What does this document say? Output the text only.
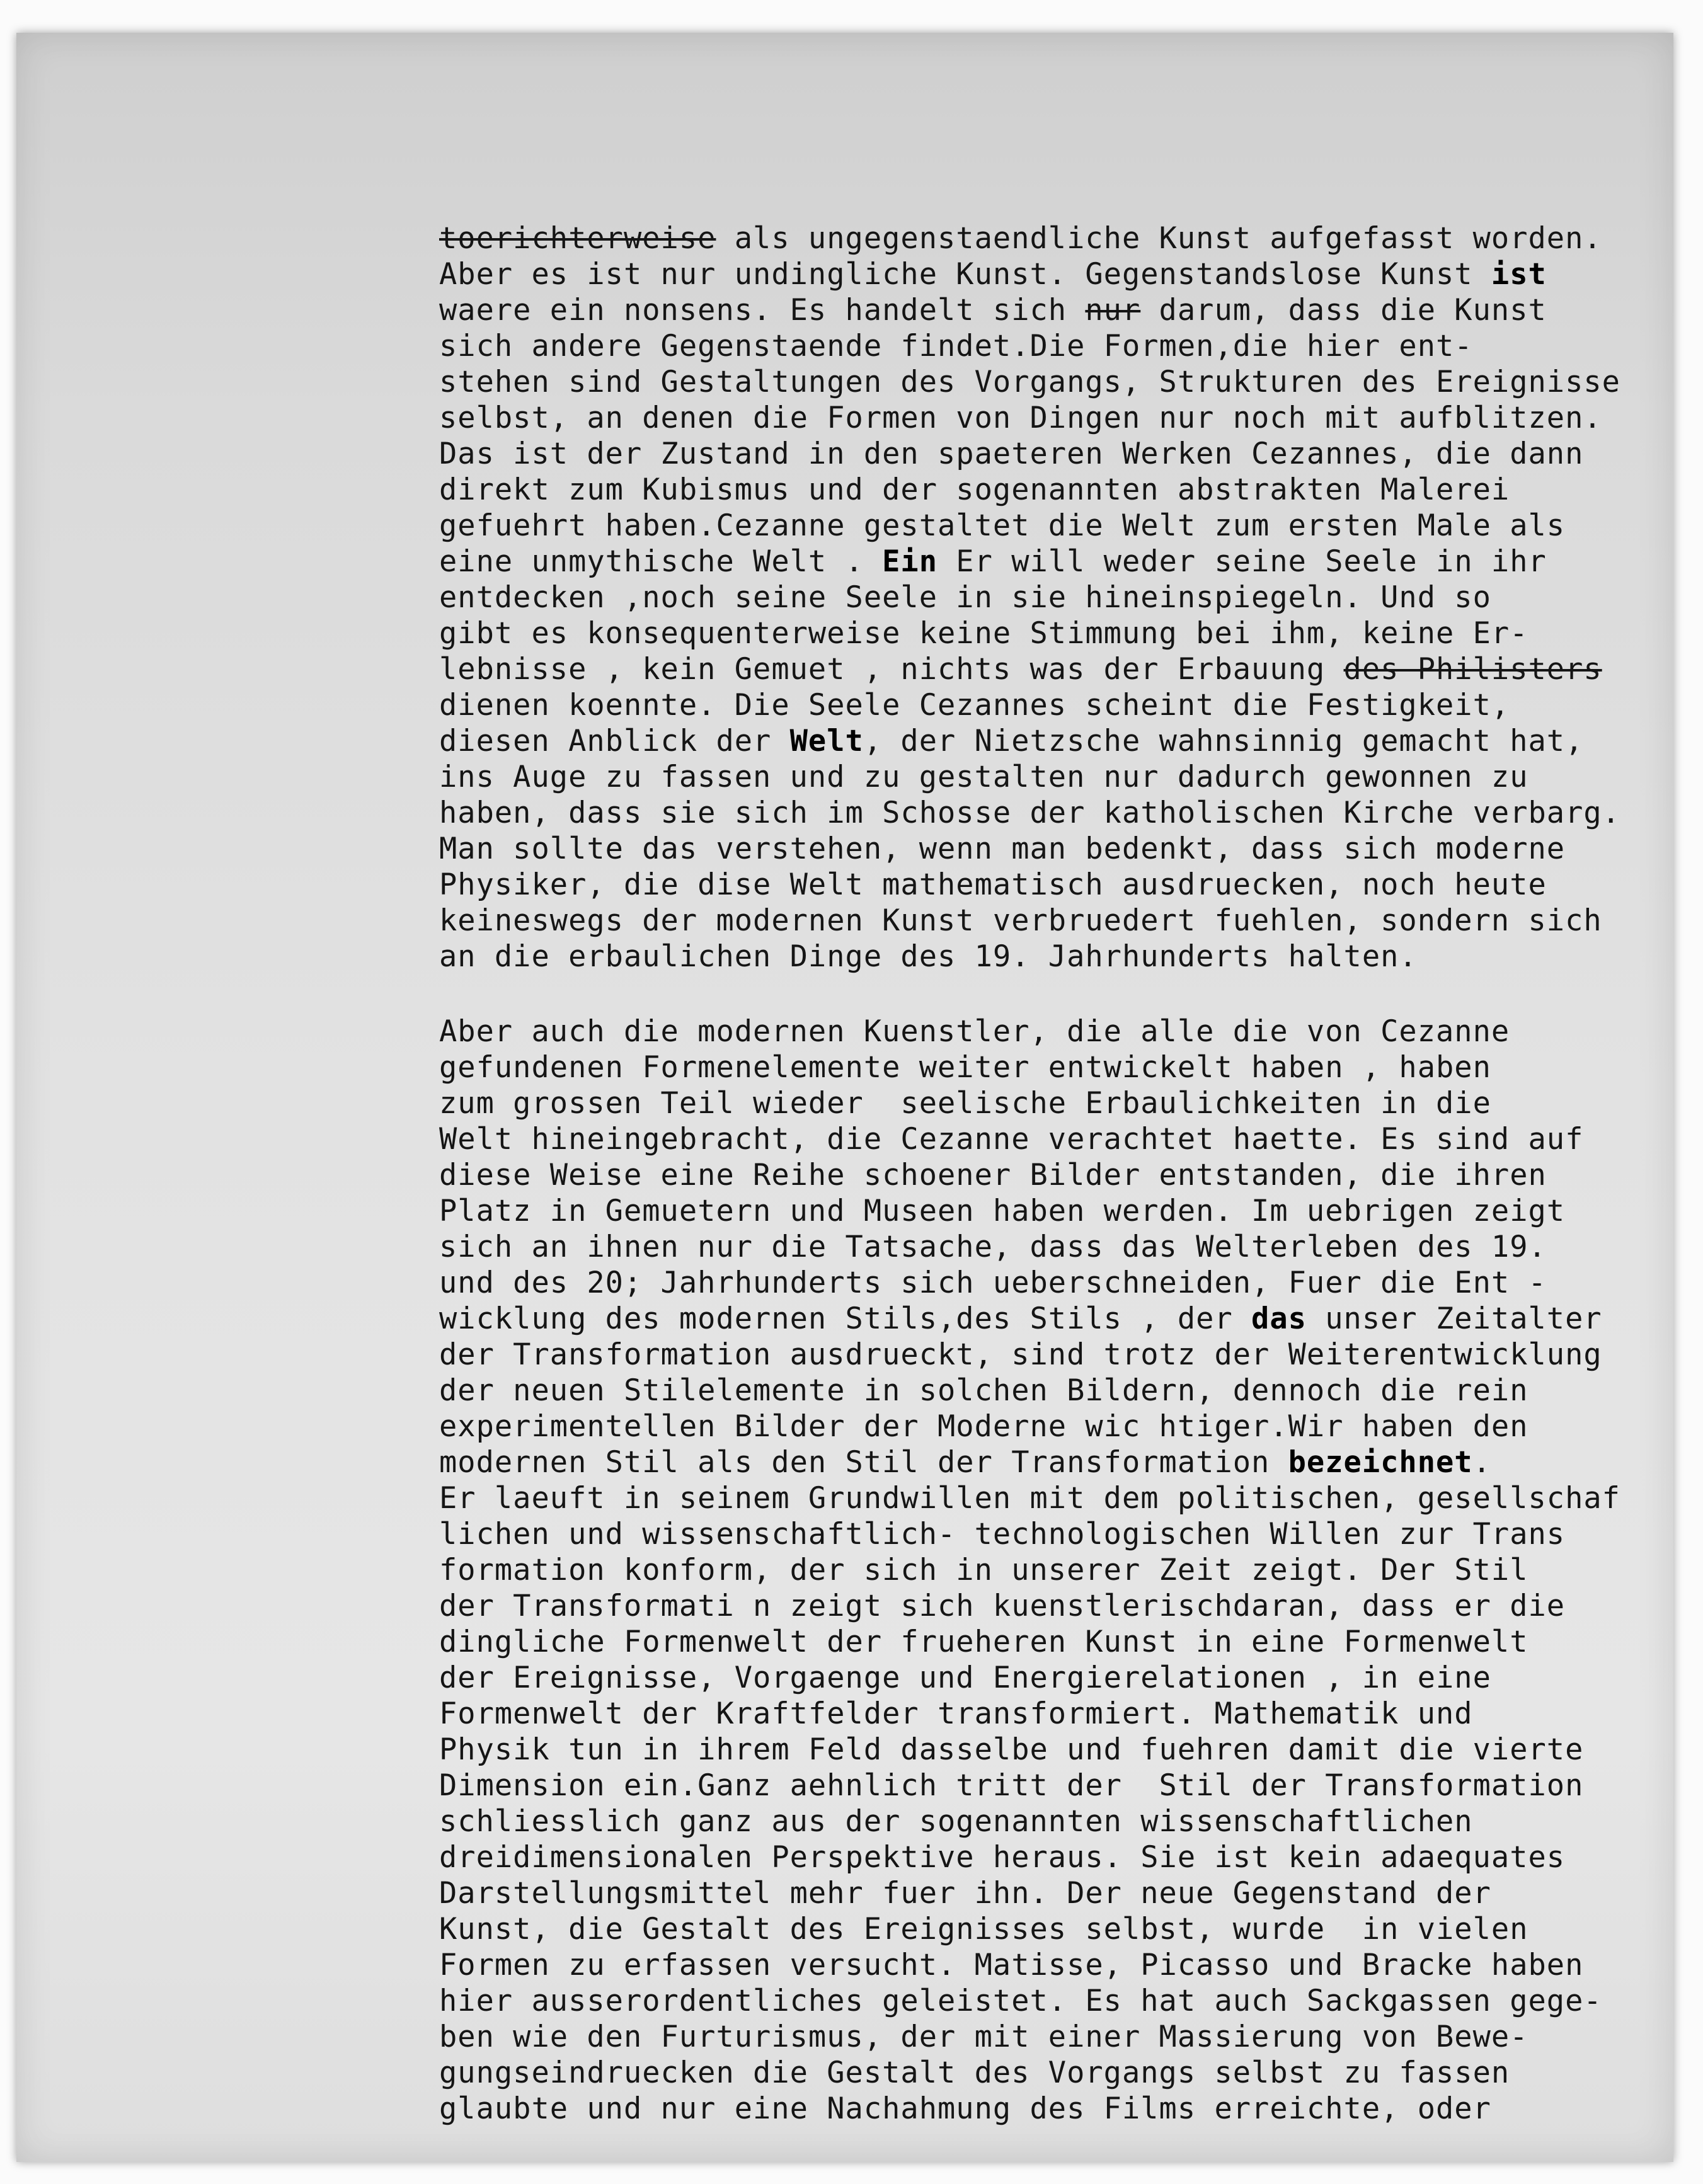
toerichterweise als ungegenstaendliche Kunst aufgefasst worden.
Aber es ist nur undingliche Kunst. Gegenstandslose Kunst ist
waere ein nonsens. Es handelt sich nur darum, dass die Kunst
sich andere Gegenstaende findet.Die Formen,die hier ent-
stehen sind Gestaltungen des Vorgangs, Strukturen des Ereignisse
selbst, an denen die Formen von Dingen nur noch mit aufblitzen.
Das ist der Zustand in den spaeteren Werken Cezannes, die dann
direkt zum Kubismus und der sogenannten abstrakten Malerei
gefuehrt haben.Cezanne gestaltet die Welt zum ersten Male als
eine unmythische Welt . Ein Er will weder seine Seele in ihr
entdecken ,noch seine Seele in sie hineinspiegeln. Und so
gibt es konsequenterweise keine Stimmung bei ihm, keine Er-
lebnisse , kein Gemuet , nichts was der Erbauung des Philisters
dienen koennte. Die Seele Cezannes scheint die Festigkeit,
diesen Anblick der Welt, der Nietzsche wahnsinnig gemacht hat,
ins Auge zu fassen und zu gestalten nur dadurch gewonnen zu
haben, dass sie sich im Schosse der katholischen Kirche verbarg.
Man sollte das verstehen, wenn man bedenkt, dass sich moderne
Physiker, die dise Welt mathematisch ausdruecken, noch heute
keineswegs der modernen Kunst verbruedert fuehlen, sondern sich
an die erbaulichen Dinge des 19. Jahrhunderts halten.
Aber auch die modernen Kuenstler, die alle die von Cezanne
gefundenen Formenelemente weiter entwickelt haben , haben
zum grossen Teil wieder  seelische Erbaulichkeiten in die
Welt hineingebracht, die Cezanne verachtet haette. Es sind auf
diese Weise eine Reihe schoener Bilder entstanden, die ihren
Platz in Gemuetern und Museen haben werden. Im uebrigen zeigt
sich an ihnen nur die Tatsache, dass das Welterleben des 19.
und des 20; Jahrhunderts sich ueberschneiden, Fuer die Ent -
wicklung des modernen Stils,des Stils , der das unser Zeitalter
der Transformation ausdrueckt, sind trotz der Weiterentwicklung
der neuen Stilelemente in solchen Bildern, dennoch die rein
experimentellen Bilder der Moderne wic htiger.Wir haben den
modernen Stil als den Stil der Transformation bezeichnet.
Er laeuft in seinem Grundwillen mit dem politischen, gesellschaf
lichen und wissenschaftlich- technologischen Willen zur Trans
formation konform, der sich in unserer Zeit zeigt. Der Stil
der Transformati n zeigt sich kuenstlerischdaran, dass er die
dingliche Formenwelt der frueheren Kunst in eine Formenwelt
der Ereignisse, Vorgaenge und Energierelationen , in eine
Formenwelt der Kraftfelder transformiert. Mathematik und
Physik tun in ihrem Feld dasselbe und fuehren damit die vierte
Dimension ein.Ganz aehnlich tritt der  Stil der Transformation
schliesslich ganz aus der sogenannten wissenschaftlichen
dreidimensionalen Perspektive heraus. Sie ist kein adaequates
Darstellungsmittel mehr fuer ihn. Der neue Gegenstand der
Kunst, die Gestalt des Ereignisses selbst, wurde  in vielen
Formen zu erfassen versucht. Matisse, Picasso und Bracke haben
hier ausserordentliches geleistet. Es hat auch Sackgassen gege-
ben wie den Furturismus, der mit einer Massierung von Bewe-
gungseindruecken die Gestalt des Vorgangs selbst zu fassen
glaubte und nur eine Nachahmung des Films erreichte, oder
